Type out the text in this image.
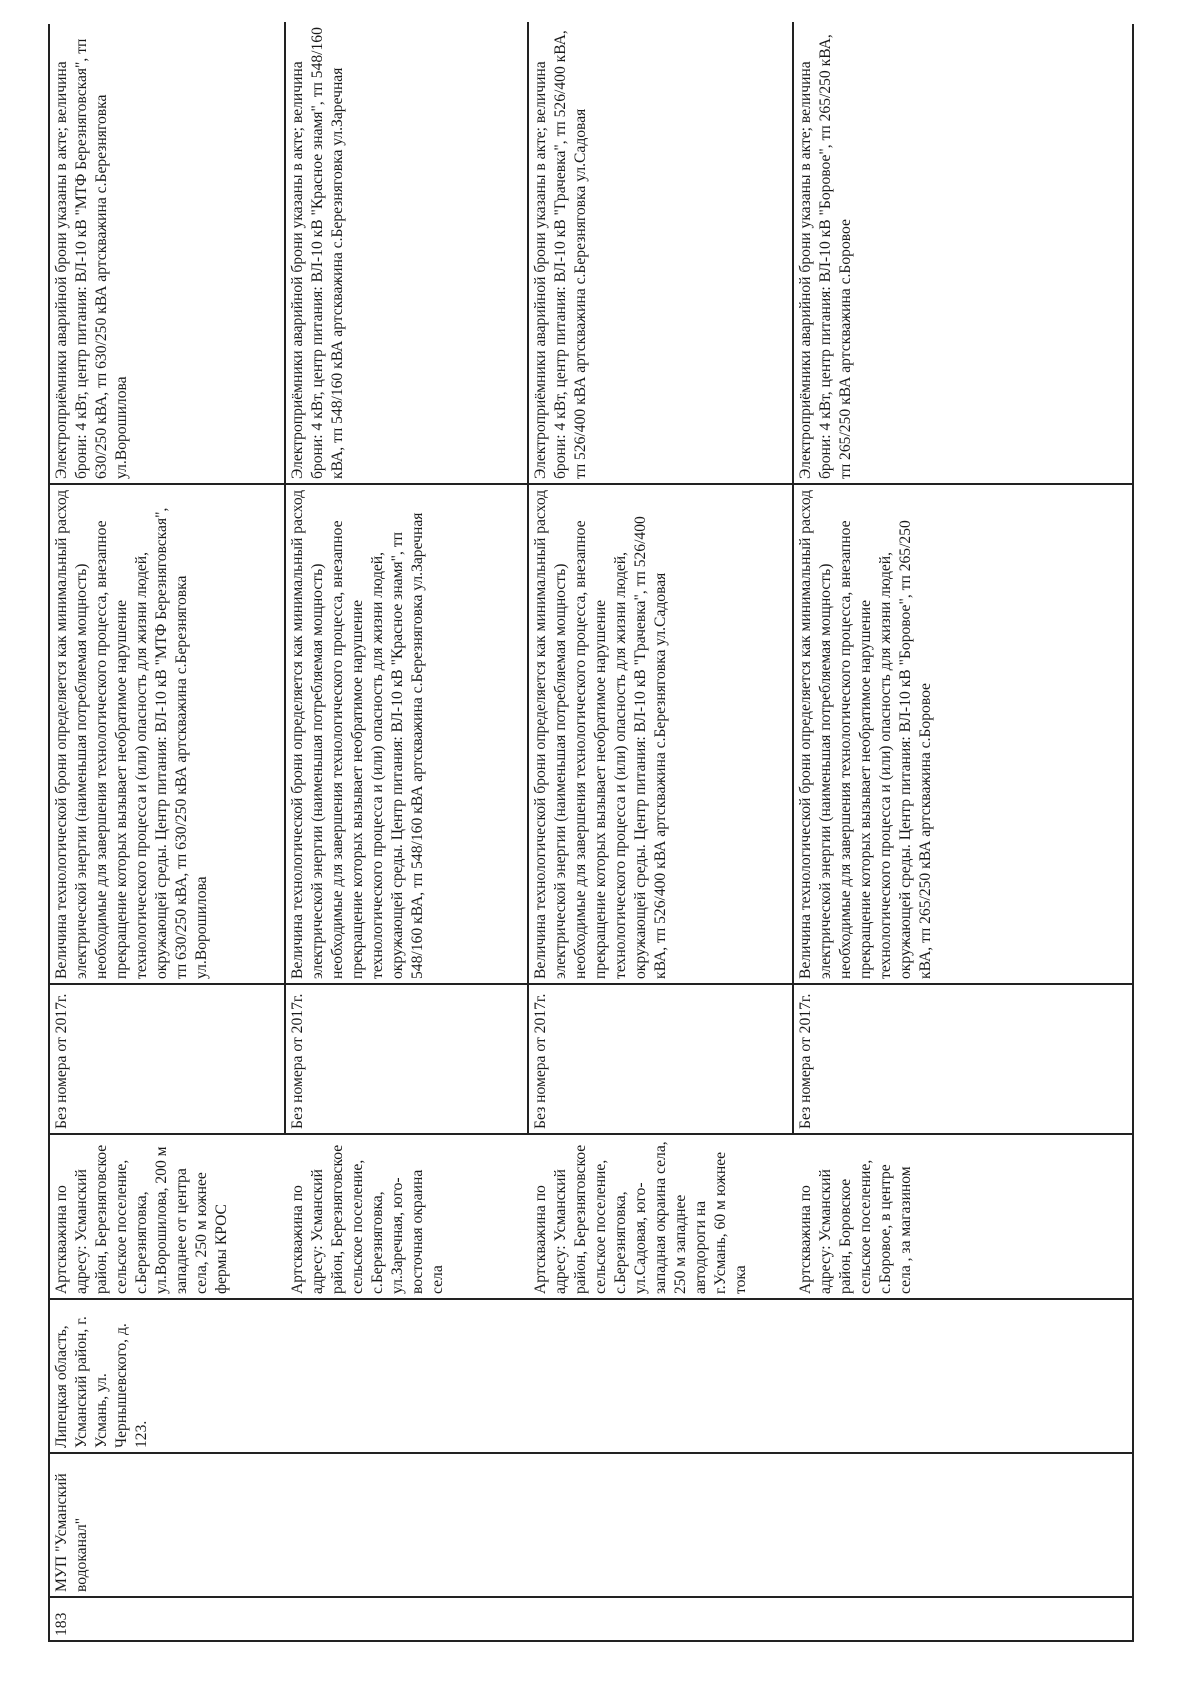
183
МУП "Усманский водоканал"
Липецкая область, Усманский район, г. Усмань, ул. Чернышевского, д. 123.
Артскважина по адресу: Усманский район, Березняговское сельское поселение, с.Березняговка, ул.Ворошилова, 200 м западнее от центра села, 250 м южнее фермы КРОС
Без номера от 2017г.
Величина технологической брони определяется как минимальный расход электрической энергии (наименьшая потребляемая мощность) необходимые для завершения технологического процесса, внезапное прекращение которых вызывает необратимое нарушение технологического процесса и (или) опасность для жизни людей, окружающей среды. Центр питания: ВЛ-10 кВ "МТФ Березняговская", тп 630/250 кВА, тп 630/250 кВА артскважина с.Березняговка ул.Ворошилова
Электроприёмники аварийной брони указаны в акте; величина брони: 4 кВт, центр питания: ВЛ-10 кВ "МТФ Березняговская", тп 630/250 кВА, тп 630/250 кВА артскважина с.Березняговка ул.Ворошилова
Артскважина по адресу: Усманский район, Березняговское сельское поселение, с.Березняговка, ул.Заречная, юго-восточная окраина села
Без номера от 2017г.
Величина технологической брони определяется как минимальный расход электрической энергии (наименьшая потребляемая мощность) необходимые для завершения технологического процесса, внезапное прекращение которых вызывает необратимое нарушение технологического процесса и (или) опасность для жизни людей, окружающей среды. Центр питания: ВЛ-10 кВ "Красное знамя", тп 548/160 кВА, тп 548/160 кВА артскважина с.Березняговка ул.Заречная
Электроприёмники аварийной брони указаны в акте; величина брони: 4 кВт, центр питания: ВЛ-10 кВ "Красное знамя", тп 548/160 кВА, тп 548/160 кВА артскважина с.Березняговка ул.Заречная
Артскважина по адресу: Усманский район, Березняговское сельское поселение, с.Березняговка, ул.Садовая, юго-западная окраина села, 250 м западнее автодороги на г.Усмань, 60 м южнее тока
Без номера от 2017г.
Величина технологической брони определяется как минимальный расход электрической энергии (наименьшая потребляемая мощность) необходимые для завершения технологического процесса, внезапное прекращение которых вызывает необратимое нарушение технологического процесса и (или) опасность для жизни людей, окружающей среды. Центр питания: ВЛ-10 кВ "Грачевка", тп 526/400 кВА, тп 526/400 кВА артскважина с.Березняговка ул.Садовая
Электроприёмники аварийной брони указаны в акте; величина брони: 4 кВт, центр питания: ВЛ-10 кВ "Грачевка", тп 526/400 кВА, тп 526/400 кВА артскважина с.Березняговка ул.Садовая
Артскважина по адресу: Усманский район, Боровское сельское поселение, с.Боровое, в центре села , за магазином
Без номера от 2017г.
Величина технологической брони определяется как минимальный расход электрической энергии (наименьшая потребляемая мощность) необходимые для завершения технологического процесса, внезапное прекращение которых вызывает необратимое нарушение технологического процесса и (или) опасность для жизни людей, окружающей среды. Центр питания: ВЛ-10 кВ "Боровое", тп 265/250 кВА, тп 265/250 кВА артскважина с.Боровое
Электроприёмники аварийной брони указаны в акте; величина брони: 4 кВт, центр питания: ВЛ-10 кВ "Боровое", тп 265/250 кВА, тп 265/250 кВА артскважина с.Боровое
